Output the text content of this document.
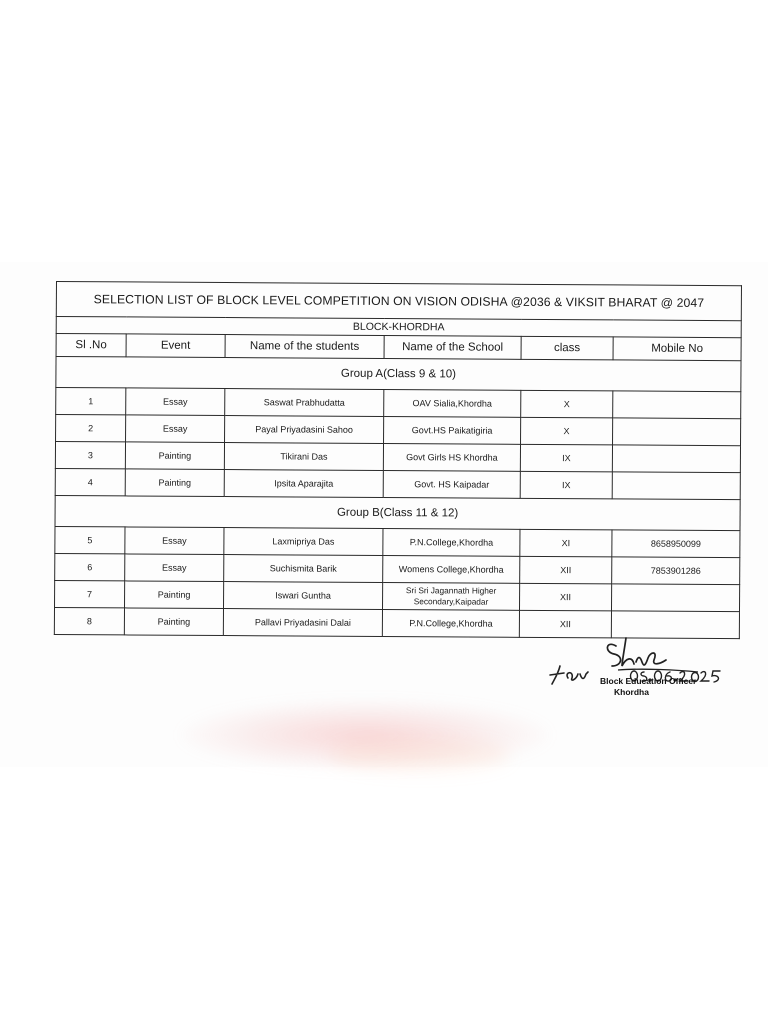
SELECTION LIST OF BLOCK LEVEL COMPETITION ON VISION ODISHA @2036 & VIKSIT BHARAT @ 2047					
BLOCK-KHORDHA					
Sl .No	Event	Name of the students	Name of the School	class	Mobile No
Group A(Class 9 & 10)					
1	Essay	Saswat Prabhudatta	OAV Sialia,Khordha	X	
2	Essay	Payal Priyadasini Sahoo	Govt.HS Paikatigiria	X	
3	Painting	Tikirani Das	Govt Girls HS Khordha	IX	
4	Painting	Ipsita Aparajita	Govt. HS Kaipadar	IX	
Group B(Class 11 & 12)					
5	Essay	Laxmipriya Das	P.N.College,Khordha	XI	8658950099
6	Essay	Suchismita Barik	Womens College,Khordha	XII	7853901286
7	Painting	Iswari Guntha	Sri Sri Jagannath Higher Secondary,Kaipadar	XII	
8	Painting	Pallavi Priyadasini Dalai	P.N.College,Khordha	XII	
Block Education Officer
Khordha
